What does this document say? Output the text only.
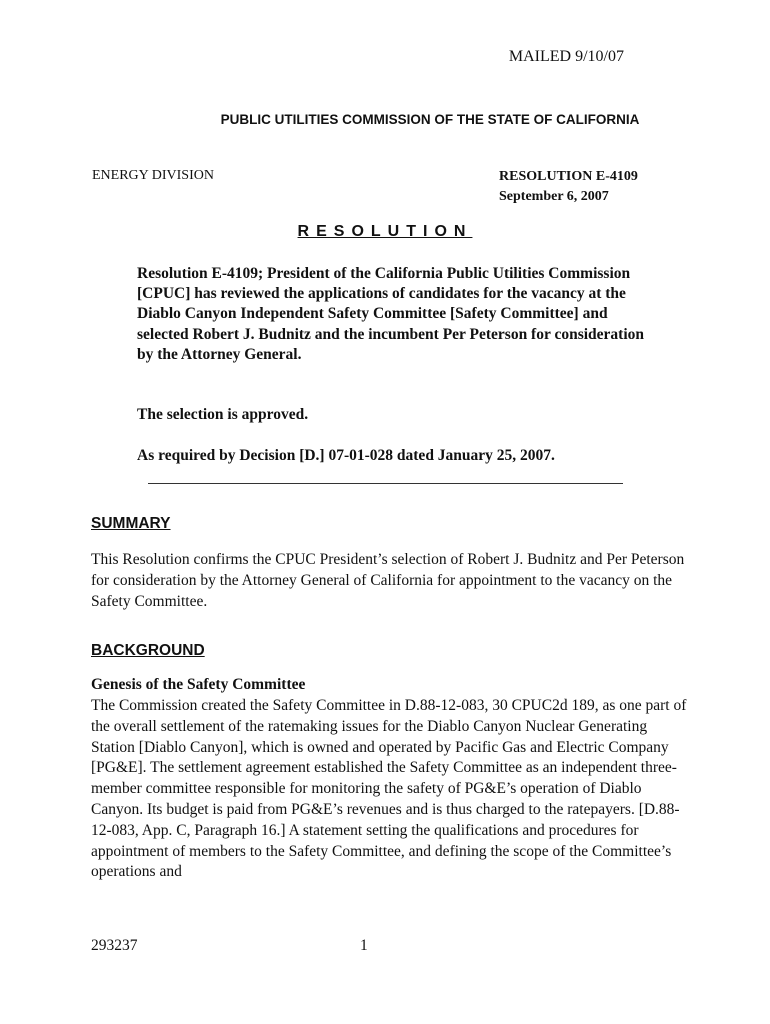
MAILED 9/10/07
PUBLIC UTILITIES COMMISSION OF THE STATE OF CALIFORNIA
ENERGY DIVISION	RESOLUTION E-4109
September 6, 2007
RESOLUTION
Resolution E-4109; President of the California Public Utilities Commission [CPUC] has reviewed the applications of candidates for the vacancy at the Diablo Canyon Independent Safety Committee [Safety Committee] and selected Robert J. Budnitz and the incumbent Per Peterson for consideration by the Attorney General.
The selection is approved.
As required by Decision [D.] 07-01-028 dated January 25, 2007.
SUMMARY
This Resolution confirms the CPUC President’s selection of Robert J. Budnitz and Per Peterson for consideration by the Attorney General of California for appointment to the vacancy on the Safety Committee.
BACKGROUND
Genesis of the Safety Committee
The Commission created the Safety Committee in D.88-12-083, 30 CPUC2d 189, as one part of the overall settlement of the ratemaking issues for the Diablo Canyon Nuclear Generating Station [Diablo Canyon], which is owned and operated by Pacific Gas and Electric Company [PG&E]. The settlement agreement established the Safety Committee as an independent three-member committee responsible for monitoring the safety of PG&E’s operation of Diablo Canyon. Its budget is paid from PG&E’s revenues and is thus charged to the ratepayers. [D.88-12-083, App. C, Paragraph 16.] A statement setting the qualifications and procedures for appointment of members to the Safety Committee, and defining the scope of the Committee’s operations and
293237	1
